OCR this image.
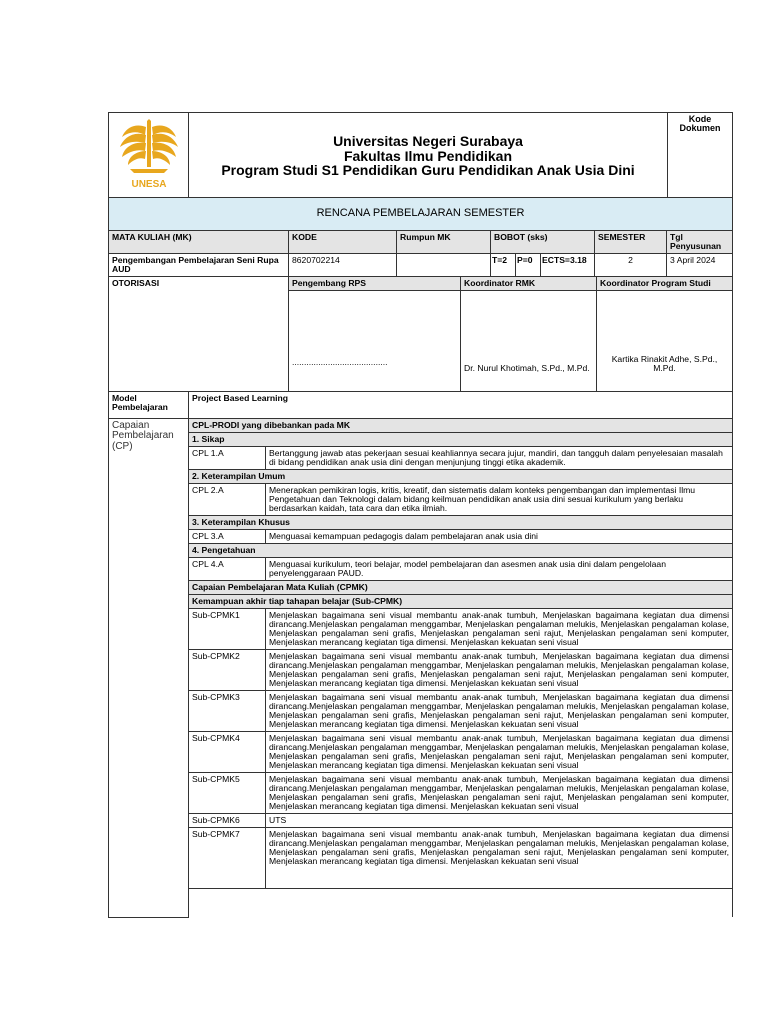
UNESA

Universitas Negeri Surabaya
Fakultas Ilmu Pendidikan
Program Studi S1 Pendidikan Guru Pendidikan Anak Usia Dini
	Kode Dokumen
RENCANA PEMBELAJARAN SEMESTER
MATA KULIAH (MK)	KODE	Rumpun MK	BOBOT (sks)			SEMESTER	Tgl Penyusunan
Pengembangan Pembelajaran Seni Rupa AUD	8620702214		T=2	P=0	ECTS=3.18	2	3 April 2024
OTORISASI	Pengembang RPS	Koordinator RMK	Koordinator Program Studi
	........................................	Dr. Nurul Khotimah, S.Pd., M.Pd.	Kartika Rinakit Adhe, S.Pd., M.Pd.
Model Pembelajaran	Project Based Learning	
Capaian Pembelajaran (CP)	CPL-PRODI yang dibebankan pada MK	
	1. Sikap	
	CPL 1.A	Bertanggung jawab atas pekerjaan sesuai keahliannya secara jujur, mandiri, dan tangguh dalam penyelesaian masalah di bidang pendidikan anak usia dini dengan menjunjung tinggi etika akademik.
	2. Keterampilan Umum	
	CPL 2.A	Menerapkan pemikiran logis, kritis, kreatif, dan sistematis dalam konteks pengembangan dan implementasi Ilmu Pengetahuan dan Teknologi dalam bidang keilmuan pendidikan anak usia dini sesuai kurikulum yang berlaku berdasarkan kaidah, tata cara dan etika ilmiah.
	3. Keterampilan Khusus	
	CPL 3.A	Menguasai kemampuan pedagogis dalam pembelajaran anak usia dini
	4. Pengetahuan	
	CPL 4.A	Menguasai kurikulum, teori belajar, model pembelajaran dan asesmen anak usia dini dalam pengelolaan penyelenggaraan PAUD.
	Capaian Pembelajaran Mata Kuliah (CPMK)	
	Kemampuan akhir tiap tahapan belajar (Sub-CPMK)	
	Sub-CPMK1	Menjelaskan bagaimana seni visual membantu anak-anak tumbuh, Menjelaskan bagaimana kegiatan dua dimensi dirancang.Menjelaskan pengalaman menggambar, Menjelaskan pengalaman melukis, Menjelaskan pengalaman kolase, Menjelaskan pengalaman seni grafis, Menjelaskan pengalaman seni rajut, Menjelaskan pengalaman seni komputer, Menjelaskan merancang kegiatan tiga dimensi. Menjelaskan kekuatan seni visual
	Sub-CPMK2	Menjelaskan bagaimana seni visual membantu anak-anak tumbuh, Menjelaskan bagaimana kegiatan dua dimensi dirancang.Menjelaskan pengalaman menggambar, Menjelaskan pengalaman melukis, Menjelaskan pengalaman kolase, Menjelaskan pengalaman seni grafis, Menjelaskan pengalaman seni rajut, Menjelaskan pengalaman seni komputer, Menjelaskan merancang kegiatan tiga dimensi. Menjelaskan kekuatan seni visual
	Sub-CPMK3	Menjelaskan bagaimana seni visual membantu anak-anak tumbuh, Menjelaskan bagaimana kegiatan dua dimensi dirancang.Menjelaskan pengalaman menggambar, Menjelaskan pengalaman melukis, Menjelaskan pengalaman kolase, Menjelaskan pengalaman seni grafis, Menjelaskan pengalaman seni rajut, Menjelaskan pengalaman seni komputer, Menjelaskan merancang kegiatan tiga dimensi. Menjelaskan kekuatan seni visual
	Sub-CPMK4	Menjelaskan bagaimana seni visual membantu anak-anak tumbuh, Menjelaskan bagaimana kegiatan dua dimensi dirancang.Menjelaskan pengalaman menggambar, Menjelaskan pengalaman melukis, Menjelaskan pengalaman kolase, Menjelaskan pengalaman seni grafis, Menjelaskan pengalaman seni rajut, Menjelaskan pengalaman seni komputer, Menjelaskan merancang kegiatan tiga dimensi. Menjelaskan kekuatan seni visual
	Sub-CPMK5	Menjelaskan bagaimana seni visual membantu anak-anak tumbuh, Menjelaskan bagaimana kegiatan dua dimensi dirancang.Menjelaskan pengalaman menggambar, Menjelaskan pengalaman melukis, Menjelaskan pengalaman kolase, Menjelaskan pengalaman seni grafis, Menjelaskan pengalaman seni rajut, Menjelaskan pengalaman seni komputer, Menjelaskan merancang kegiatan tiga dimensi. Menjelaskan kekuatan seni visual
	Sub-CPMK6	UTS
	Sub-CPMK7	Menjelaskan bagaimana seni visual membantu anak-anak tumbuh, Menjelaskan bagaimana kegiatan dua dimensi dirancang.Menjelaskan pengalaman menggambar, Menjelaskan pengalaman melukis, Menjelaskan pengalaman kolase, Menjelaskan pengalaman seni grafis, Menjelaskan pengalaman seni rajut, Menjelaskan pengalaman seni komputer, Menjelaskan merancang kegiatan tiga dimensi. Menjelaskan kekuatan seni visual
